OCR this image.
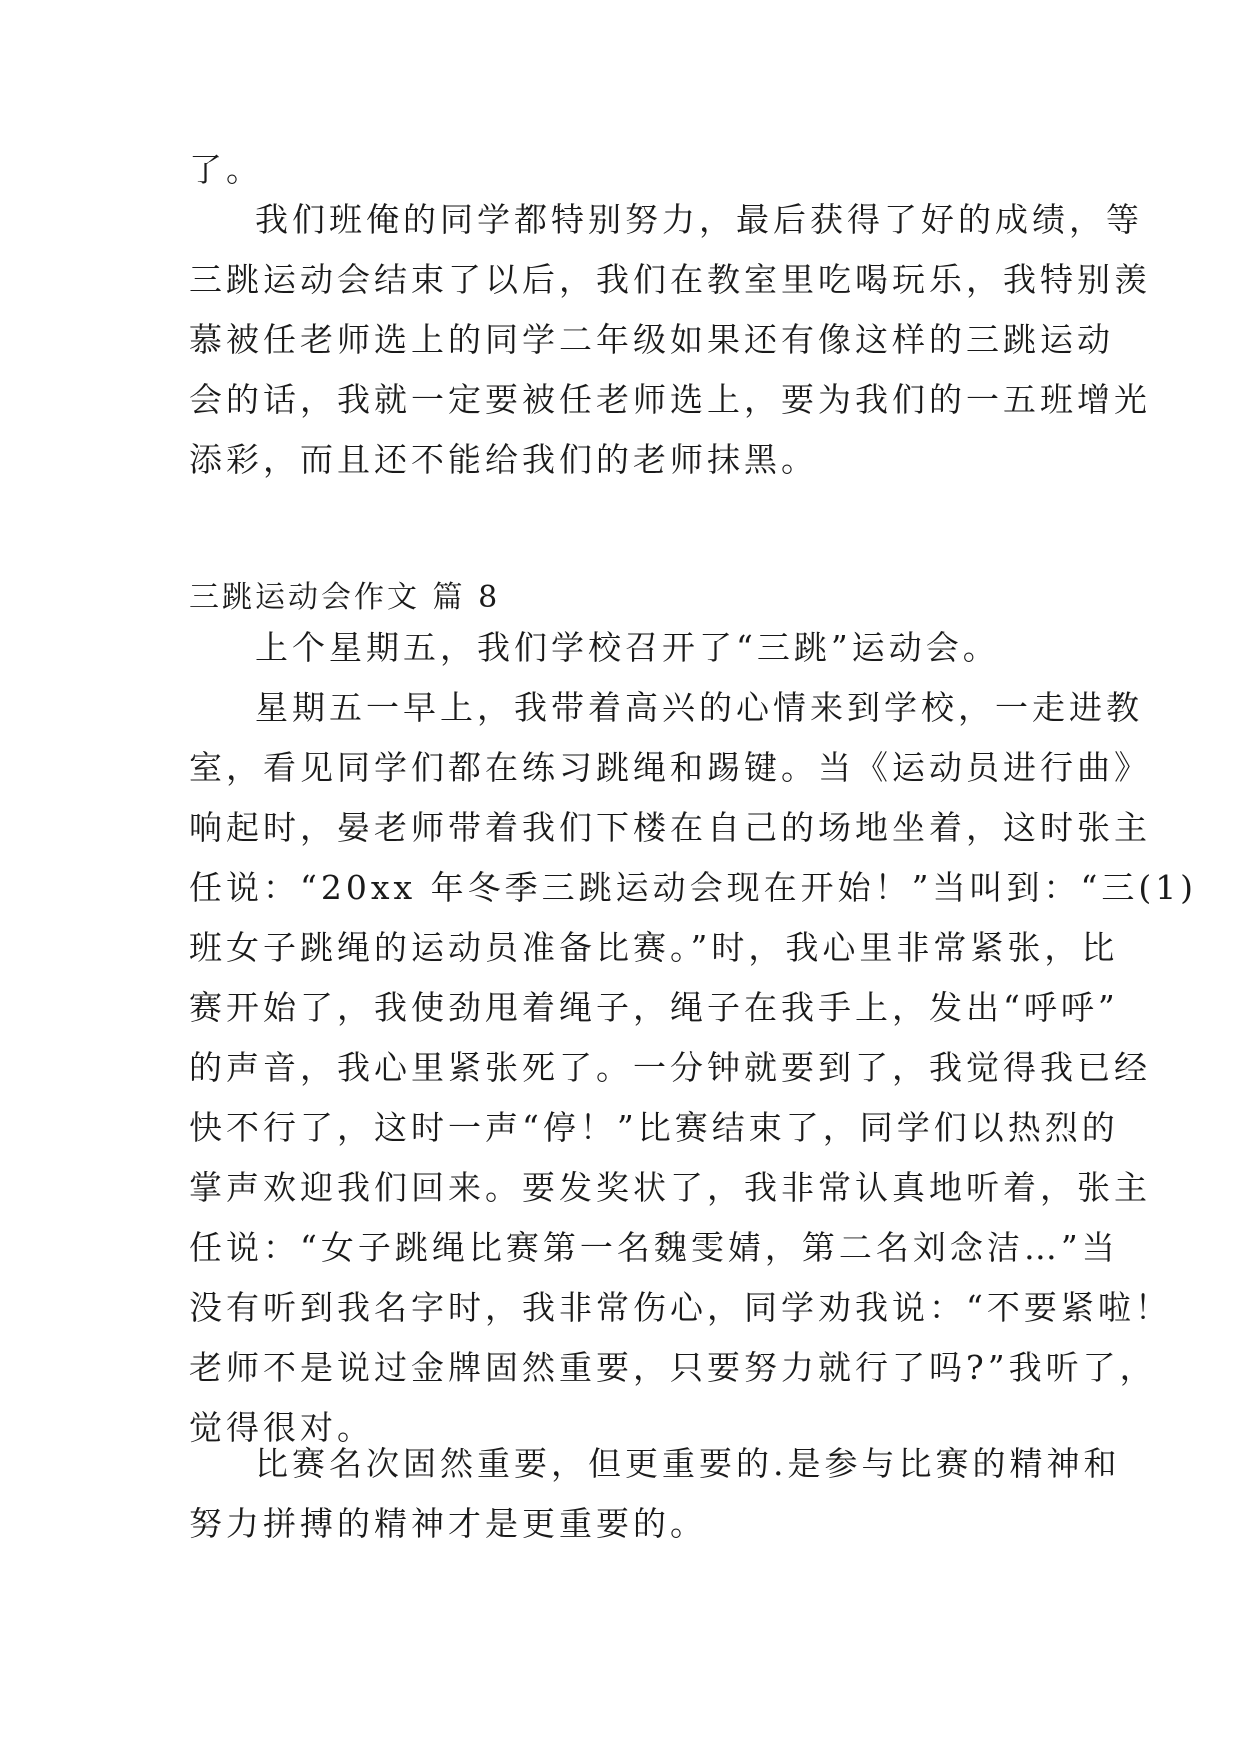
了。
我们班俺的同学都特别努力，最后获得了好的成绩，等
三跳运动会结束了以后，我们在教室里吃喝玩乐，我特别羡
慕被任老师选上的同学二年级如果还有像这样的三跳运动
会的话，我就一定要被任老师选上，要为我们的一五班增光
添彩，而且还不能给我们的老师抹黑。
三跳运动会作文 篇 8
上个星期五，我们学校召开了“三跳”运动会。
星期五一早上，我带着高兴的心情来到学校，一走进教
室，看见同学们都在练习跳绳和踢键。当《运动员进行曲》
响起时，晏老师带着我们下楼在自己的场地坐着，这时张主
任说：“20xx 年冬季三跳运动会现在开始！”当叫到：“三(1)
班女子跳绳的运动员准备比赛。”时，我心里非常紧张，比
赛开始了，我使劲甩着绳子，绳子在我手上，发出“呼呼”
的声音，我心里紧张死了。一分钟就要到了，我觉得我已经
快不行了，这时一声“停！”比赛结束了，同学们以热烈的
掌声欢迎我们回来。要发奖状了，我非常认真地听着，张主
任说：“女子跳绳比赛第一名魏雯婧，第二名刘念洁…”当
没有听到我名字时，我非常伤心，同学劝我说：“不要紧啦！
老师不是说过金牌固然重要，只要努力就行了吗?”我听了，
觉得很对。
比赛名次固然重要，但更重要的.是参与比赛的精神和
努力拼搏的精神才是更重要的。
